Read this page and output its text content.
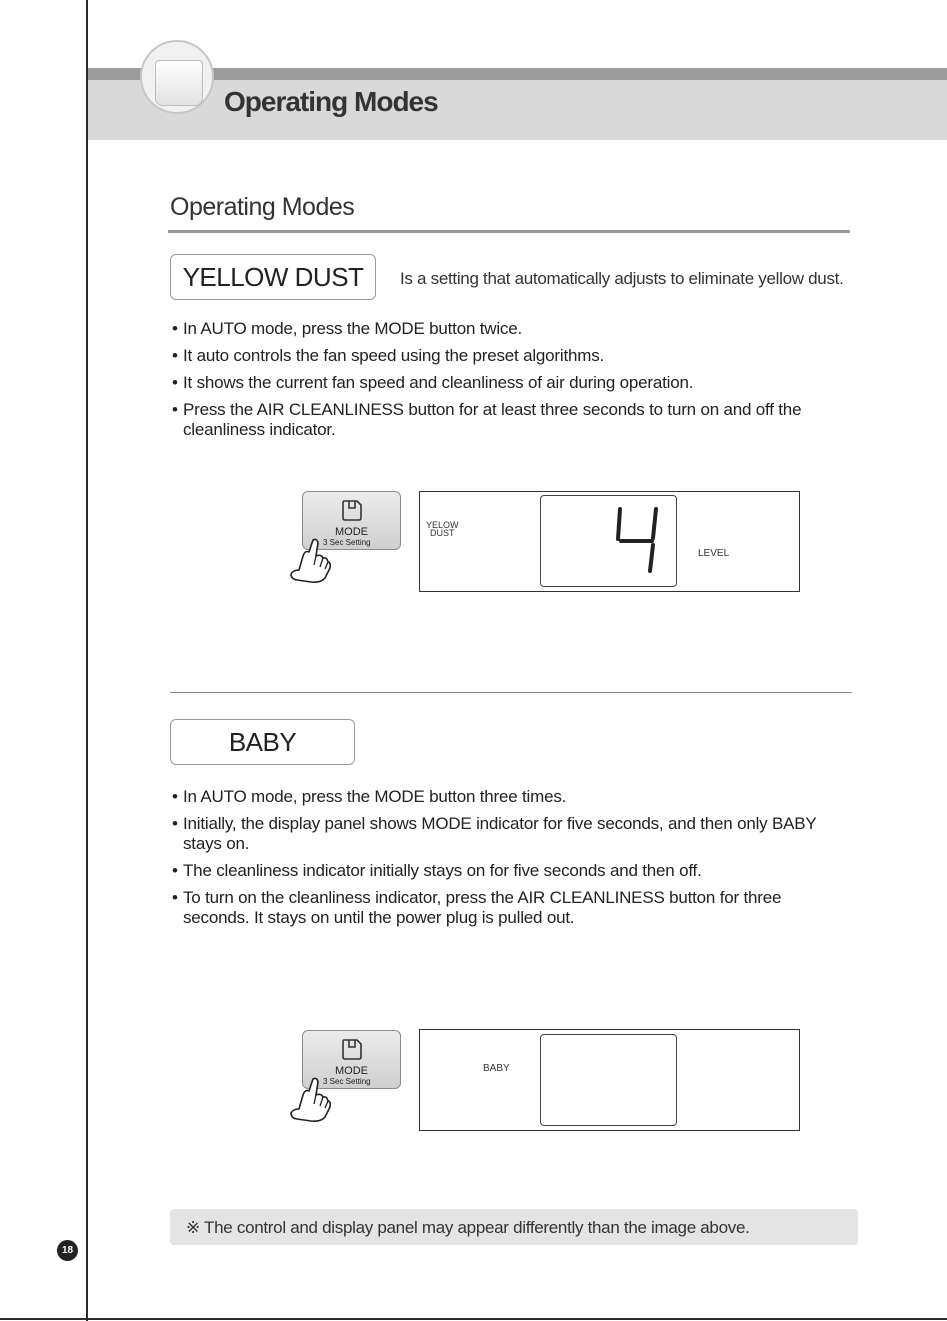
Operating Modes
Operating Modes
YELLOW DUST	Is a setting that automatically adjusts to eliminate yellow dust.
• In AUTO mode, press the MODE button twice.
• It auto controls the fan speed using the preset algorithms.
• It shows the current fan speed and cleanliness of air during operation.
• Press the AIR CLEANLINESS button for at least three seconds to turn on and off the cleanliness indicator.
MODE
3 Sec Setting
YELOW
DUST
4
LEVEL
BABY
• In AUTO mode, press the MODE button three times.
• Initially, the display panel shows MODE indicator for five seconds, and then only BABY stays on.
• The cleanliness indicator initially stays on for five seconds and then off.
• To turn on the cleanliness indicator, press the AIR CLEANLINESS button for three seconds. It stays on until the power plug is pulled out.
MODE
3 Sec Setting
BABY
※ The control and display panel may appear differently than the image above.
18
